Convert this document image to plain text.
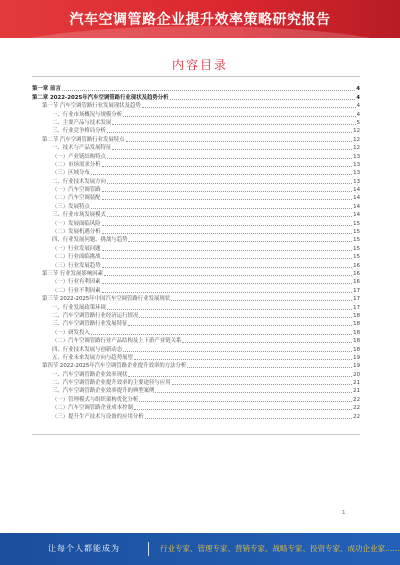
汽车空调管路企业提升效率策略研究报告
内容目录
第一章 前言	4
第二章 2022-2025年汽车空调管路行业现状及趋势分析	4
第一节 汽车空调管路行业发展现状及趋势	4
一、行业市场概况与规模分析	4
二、主要产品与技术发展	5
三、行业竞争格局分析	12
第二节 汽车空调管路行业发展特点	12
一、技术与产品发展特征	12
（一）产业链结构特点	13
（二）市场需求分析	13
（三）区域分布	13
二、行业技术发展方向	13
（一）汽车空调管路	14
（二）汽车空调装配	14
（三）发展特点	14
三、行业市场发展模式	14
（一）发展面临风险	15
（二）发展机遇分析	15
四、行业发展问题、挑战与趋势	15
（一）行业发展问题	15
（二）行业面临挑战	15
（三）行业发展趋势	16
第三节 行业发展影响因素	16
（一）行业有利因素	16
（二）行业不利因素	17
第三节 2022-2025年中国汽车空调管路行业发展现状	17
一、行业发展政策环境	17
二、汽车空调管路行业经济运行情况	18
三、汽车空调管路行业发展特征	18
（一）研发投入	18
（二）汽车空调管路行业产品结构及上下游产业链关系	18
四、行业技术发展与创新动态	18
五、行业未来发展方向与趋势展望	19
第四节 2022-2025年汽车空调管路企业提升效率的方法分析	19
一、汽车空调管路企业效率现状	20
二、汽车空调管路企业提升效率的主要途径与应用	21
三、汽车空调管路企业效率提升的典型案例	21
（一）管理模式与组织架构优化分析	22
（二）汽车空调管路企业成本控制	22
（三）提升生产技术与设备的应用分析	22
1
让每个人都能成为	行业专家、管理专家、营销专家、战略专家、投资专家、成功企业家……
